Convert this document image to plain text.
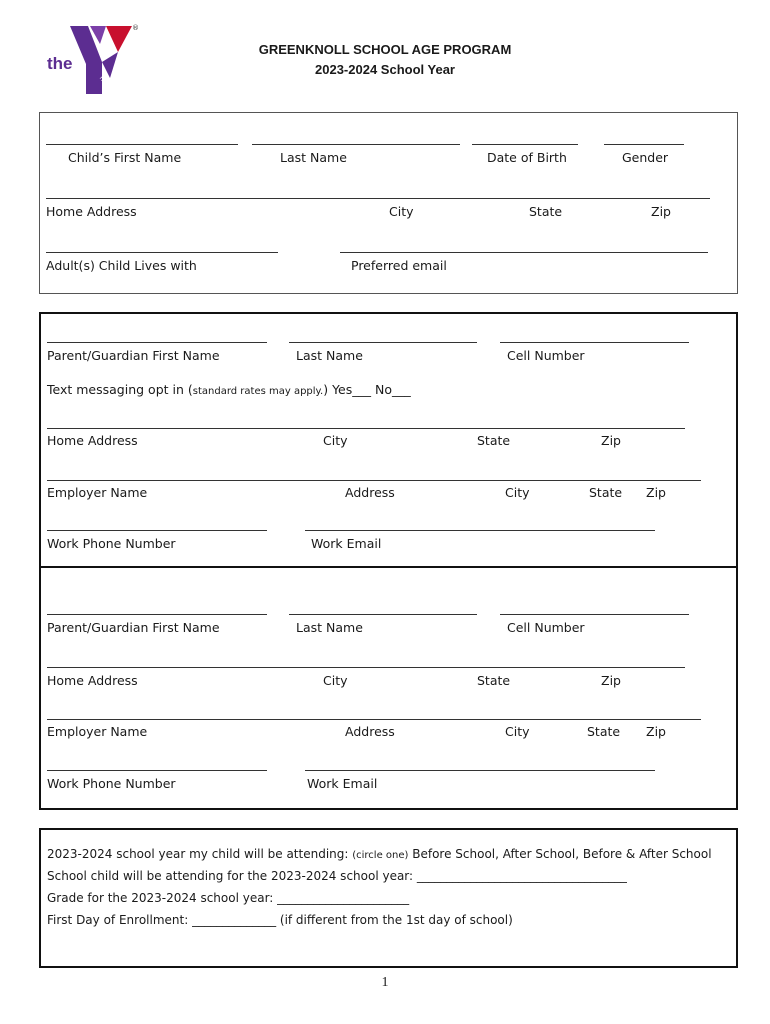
the
YMCA
®
GREENKNOLL SCHOOL AGE PROGRAM
2023-2024 School Year
Child’s First Name	Last Name	Date of Birth	Gender
Home Address	City	State	Zip
Adult(s) Child Lives with	Preferred email
Parent/Guardian First Name	Last Name	Cell Number
Text messaging opt in (standard rates may apply.) Yes___ No___
Home Address	City	State	Zip
Employer Name	Address	City	State Zip
Work Phone Number	Work Email
Parent/Guardian First Name	Last Name	Cell Number
Home Address	City	State	Zip
Employer Name	Address	City	State Zip
Work Phone Number	Work Email
2023-2024 school year my child will be attending: (circle one) Before School, After School, Before & After School
School child will be attending for the 2023-2024 school year: ___________________________________
Grade for the 2023-2024 school year: ______________________
First Day of Enrollment: ______________ (if different from the 1st day of school)
1
